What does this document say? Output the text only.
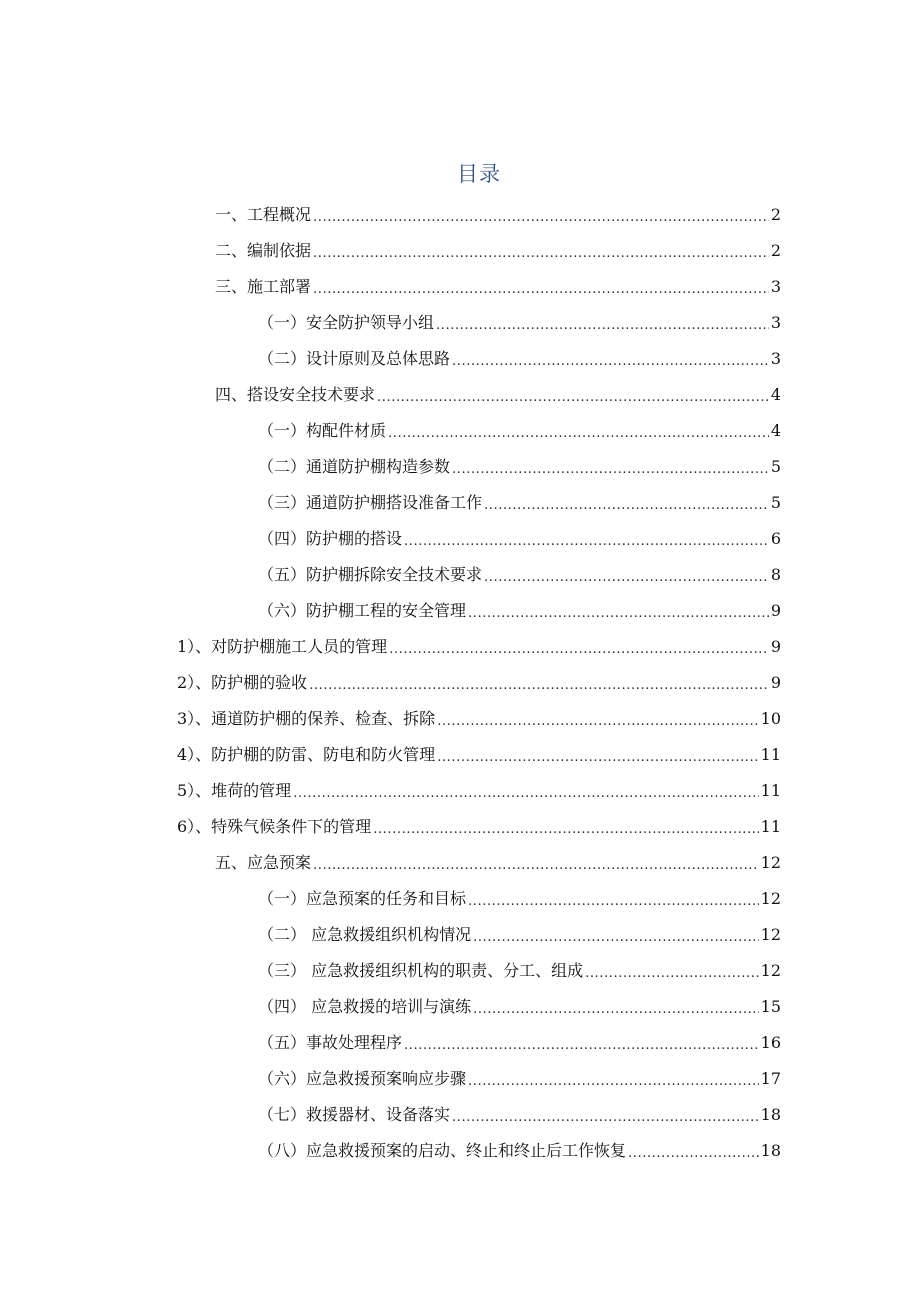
目录
一、工程概况 .....	2
二、编制依据 .....	2
三、施工部署 .....	3
（一）安全防护领导小组 .....	3
（二）设计原则及总体思路 .....	3
四、搭设安全技术要求 .....	4
（一）构配件材质 .....	4
（二）通道防护棚构造参数 .....	5
（三）通道防护棚搭设准备工作 .....	5
（四）防护棚的搭设 .....	6
（五）防护棚拆除安全技术要求 .....	8
（六）防护棚工程的安全管理 .....	9
1）、对防护棚施工人员的管理 .....	9
2）、防护棚的验收 .....	9
3）、通道防护棚的保养、检查、拆除 .....	10
4）、防护棚的防雷、防电和防火管理 .....	11
5）、堆荷的管理 .....	11
6）、特殊气候条件下的管理 .....	11
五、应急预案 .....	12
（一）应急预案的任务和目标 .....	12
（二） 应急救援组织机构情况 .....	12
（三） 应急救援组织机构的职责、分工、组成 .....	12
（四） 应急救援的培训与演练 .....	15
（五）事故处理程序 .....	16
（六）应急救援预案响应步骤 .....	17
（七）救援器材、设备落实 .....	18
（八）应急救援预案的启动、终止和终止后工作恢复 .....	18
